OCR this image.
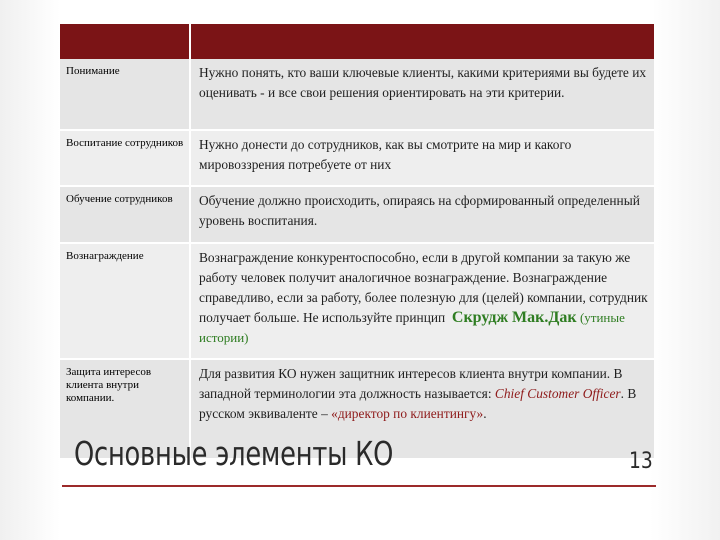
Понимание	Нужно понять, кто ваши ключевые клиенты, какими критериями вы будете их оценивать - и все свои решения ориентировать на эти критерии.
Воспитание сотрудников	Нужно донести до сотрудников, как вы смотрите на мир и какого мировоззрения потребуете от них
Обучение сотрудников	Обучение должно происходить, опираясь на сформированный определенный уровень воспитания.
Вознаграждение	Вознаграждение конкурентоспособно, если в другой компании за такую же работу человек получит аналогичное вознаграждение. Вознаграждение справедливо, если за работу, более полезную для (целей) компании, сотрудник получает больше. Не используйте принцип Скрудж Мак.Дак (утиные истории)
Защита интересов клиента внутри компании.	Для развития КО нужен защитник интересов клиента внутри компании. В западной терминологии эта должность называется: Chief Customer Officer. В русском эквиваленте – «директор по клиентингу».
Основные элементы КО	13
